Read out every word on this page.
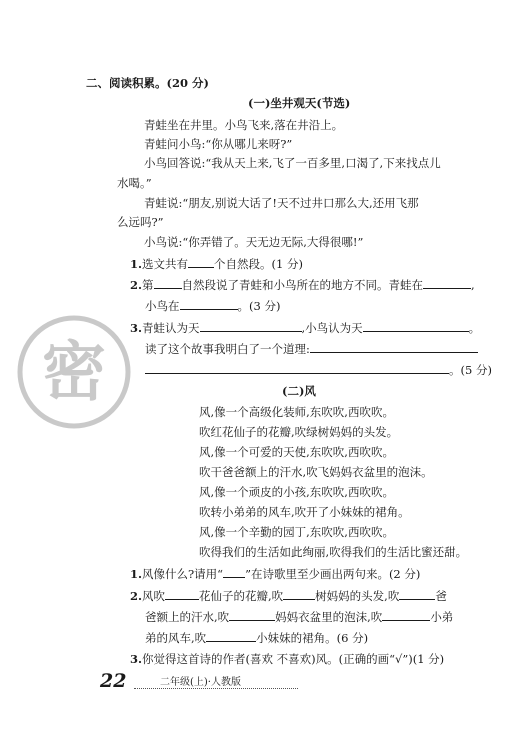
密
二、阅读积累。(20 分)
(一)坐井观天(节选)
青蛙坐在井里。小鸟飞来,落在井沿上。
青蛙问小鸟:“你从哪儿来呀?”
小鸟回答说:“我从天上来,飞了一百多里,口渴了,下来找点儿
水喝。”
青蛙说:“朋友,别说大话了!天不过井口那么大,还用飞那
么远吗?”
小鸟说:“你弄错了。天无边无际,大得很哪!”
1.选文共有 个自然段。(1 分)
2.第 自然段说了青蛙和小鸟所在的地方不同。青蛙在	,
小鸟在	。(3 分)
3.青蛙认为天	,小鸟认为天	。
读了这个故事我明白了一个道理:
。(5 分)
(二)风
风,像一个高级化装师,东吹吹,西吹吹。
吹红花仙子的花瓣,吹绿树妈妈的头发。
风,像一个可爱的天使,东吹吹,西吹吹。
吹干爸爸额上的汗水,吹飞妈妈衣盆里的泡沫。
风,像一个顽皮的小孩,东吹吹,西吹吹。
吹转小弟弟的风车,吹开了小妹妹的裙角。
风,像一个辛勤的园丁,东吹吹,西吹吹。
吹得我们的生活如此绚丽,吹得我们的生活比蜜还甜。
1.风像什么?请用“ ”在诗歌里至少画出两句来。(2 分)
2.风吹	花仙子的花瓣,吹	树妈妈的头发,吹	爸
爸额上的汗水,吹	妈妈衣盆里的泡沫,吹	小弟
弟的风车,吹	小妹妹的裙角。(6 分)
3.你觉得这首诗的作者(喜欢 不喜欢)风。(正确的画“√”)(1 分)
22	二年级(上)·人教版
